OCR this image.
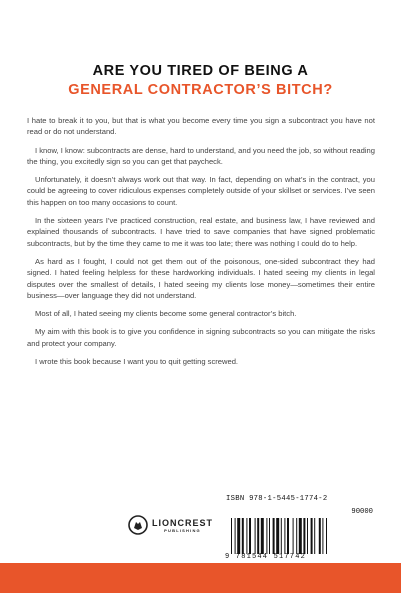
ARE YOU TIRED OF BEING A
GENERAL CONTRACTOR’S BITCH?

I hate to break it to you, but that is what you become every time you sign a subcontract you have not read or do not understand.

I know, I know: subcontracts are dense, hard to understand, and you need the job, so without reading the thing, you excitedly sign so you can get that paycheck.

Unfortunately, it doesn’t always work out that way. In fact, depending on what’s in the contract, you could be agreeing to cover ridiculous expenses completely outside of your skillset or services. I’ve seen this happen on too many occasions to count.

In the sixteen years I’ve practiced construction, real estate, and business law, I have reviewed and explained thousands of subcontracts. I have tried to save companies that have signed problematic subcontracts, but by the time they came to me it was too late; there was nothing I could do to help.

As hard as I fought, I could not get them out of the poisonous, one-sided subcontract they had signed. I hated feeling helpless for these hardworking individuals. I hated seeing my clients in legal disputes over the smallest of details, I hated seeing my clients lose money—sometimes their entire business—over language they did not understand.

Most of all, I hated seeing my clients become some general contractor’s bitch.

My aim with this book is to give you confidence in signing subcontracts so you can mitigate the risks and protect your company.

I wrote this book because I want you to quit getting screwed.

LIONCREST
PUBLISHING
ISBN 978-1-5445-1774-2
90000
9 781544 517742
